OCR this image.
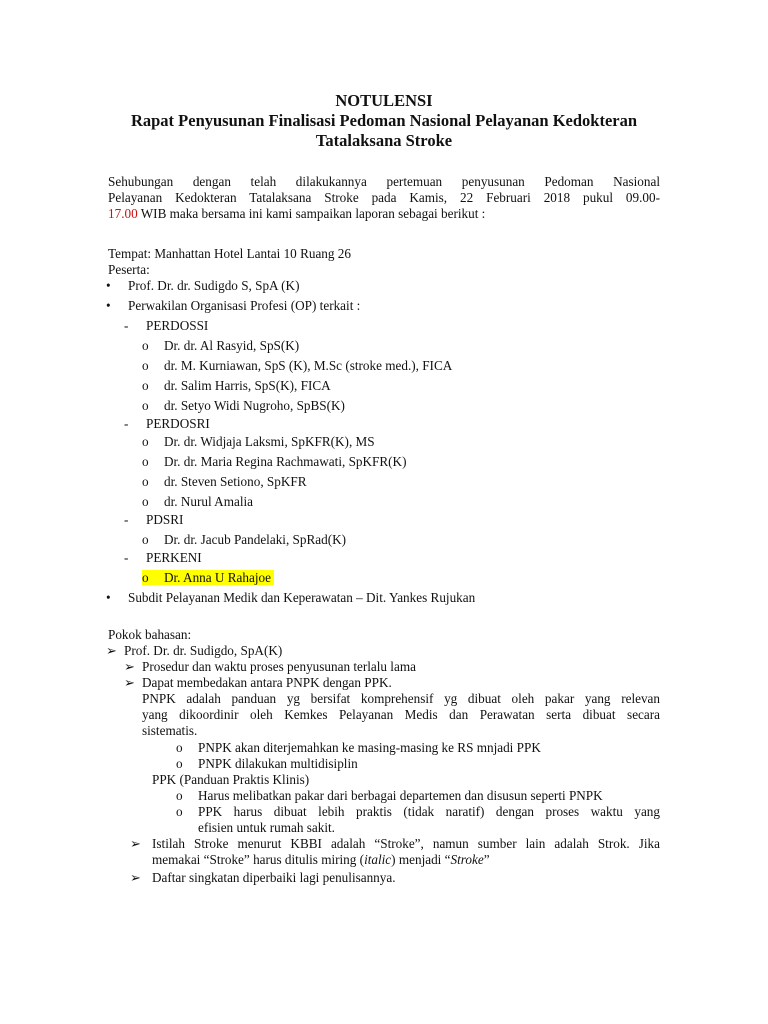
NOTULENSI
Rapat Penyusunan Finalisasi Pedoman Nasional Pelayanan Kedokteran
Tatalaksana Stroke
Sehubungan dengan telah dilakukannya pertemuan penyusunan Pedoman Nasional
Pelayanan Kedokteran Tatalaksana Stroke pada Kamis, 22 Februari 2018 pukul 09.00-
17.00 WIB maka bersama ini kami sampaikan laporan sebagai berikut :
Tempat: Manhattan Hotel Lantai 10 Ruang 26
Peserta:
• Prof. Dr. dr. Sudigdo S, SpA (K)
• Perwakilan Organisasi Profesi (OP) terkait :
- PERDOSSI
o Dr. dr. Al Rasyid, SpS(K)
o dr. M. Kurniawan, SpS (K), M.Sc (stroke med.), FICA
o dr. Salim Harris, SpS(K), FICA
o dr. Setyo Widi Nugroho, SpBS(K)
- PERDOSRI
o Dr. dr. Widjaja Laksmi, SpKFR(K), MS
o Dr. dr. Maria Regina Rachmawati, SpKFR(K)
o dr. Steven Setiono, SpKFR
o dr. Nurul Amalia
- PDSRI
o Dr. dr. Jacub Pandelaki, SpRad(K)
- PERKENI
o Dr. Anna U Rahajoe
• Subdit Pelayanan Medik dan Keperawatan – Dit. Yankes Rujukan
Pokok bahasan:
➢ Prof. Dr. dr. Sudigdo, SpA(K)
➢ Prosedur dan waktu proses penyusunan terlalu lama
➢ Dapat membedakan antara PNPK dengan PPK.
PNPK adalah panduan yg bersifat komprehensif yg dibuat oleh pakar yang relevan
yang dikoordinir oleh Kemkes Pelayanan Medis dan Perawatan serta dibuat secara
sistematis.
o PNPK akan diterjemahkan ke masing-masing ke RS mnjadi PPK
o PNPK dilakukan multidisiplin
PPK (Panduan Praktis Klinis)
o Harus melibatkan pakar dari berbagai departemen dan disusun seperti PNPK
o PPK harus dibuat lebih praktis (tidak naratif) dengan proses waktu yang
efisien untuk rumah sakit.
➢ Istilah Stroke menurut KBBI adalah “Stroke”, namun sumber lain adalah Strok. Jika
memakai “Stroke” harus ditulis miring (italic) menjadi “Stroke”
➢ Daftar singkatan diperbaiki lagi penulisannya.
